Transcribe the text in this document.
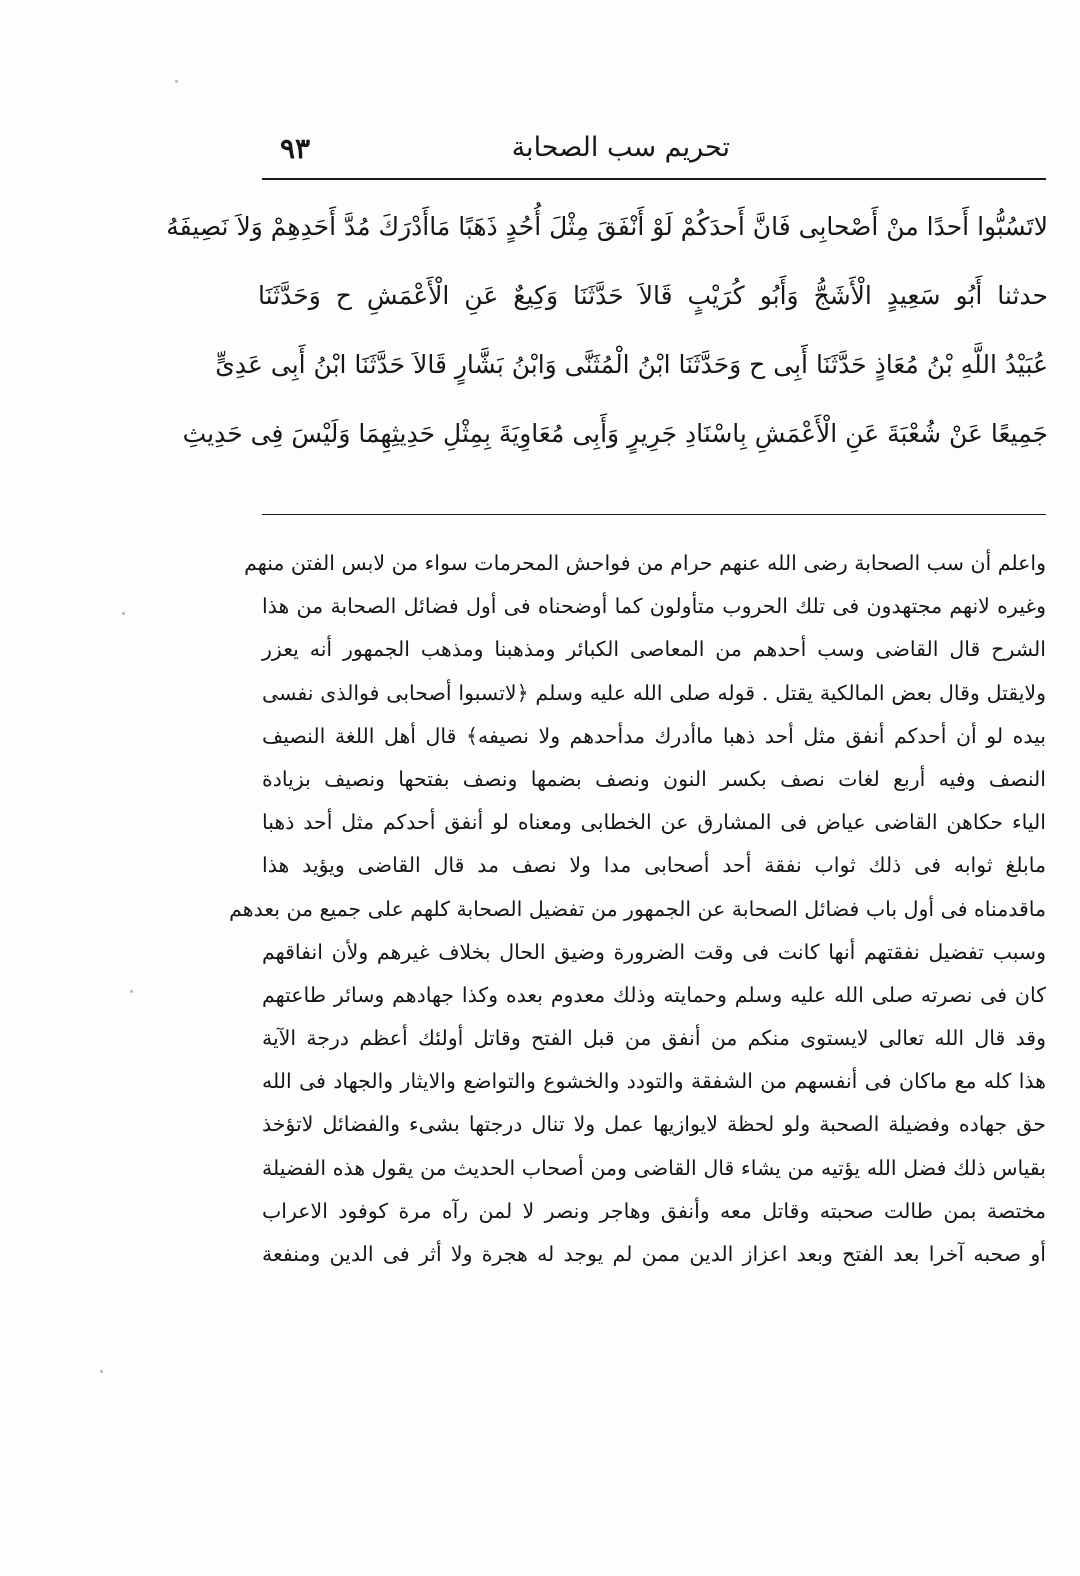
تحريم سب الصحابة
٩٣
لاتَسُبُّوا أَحدًا منْ أَصْحابِى فَانَّ أَحدَكُمْ لَوْ أَنْفَقَ مِثْلَ أُحُدٍ ذَهَبًا مَاأَدْرَكَ مُدَّ أَحَدِهِمْ وَلاَ نَصِيفَهُ
حدثنا أَبُو سَعِيدٍ الْأَشَجُّ وَأَبُو كُرَيْبٍ قَالاَ حَدَّثَنَا وَكِيعٌ عَنِ الْأَعْمَشِ ح وَحَدَّثَنَا
عُبَيْدُ اللَّهِ بْنُ مُعَاذٍ حَدَّثَنَا أَبِى ح وَحَدَّثَنَا ابْنُ الْمُثَنَّى وَابْنُ بَشَّارٍ قَالاَ حَدَّثَنَا ابْنُ أَبِى عَدِىٍّ
جَمِيعًا عَنْ شُعْبَةَ عَنِ الْأَعْمَشِ بِاسْنَادِ جَرِيرٍ وَأَبِى مُعَاوِيَةَ بِمِثْلِ حَدِيثِهِمَا وَلَيْسَ فِى حَدِيثِ
واعلم أن سب الصحابة رضى الله عنهم حرام من فواحش المحرمات سواء من لابس الفتن منهم
وغيره لانهم مجتهدون فى تلك الحروب متأولون كما أوضحناه فى أول فضائل الصحابة من هذا
الشرح قال القاضى وسب أحدهم من المعاصى الكبائر ومذهبنا ومذهب الجمهور أنه يعزر
ولايقتل وقال بعض المالكية يقتل . قوله صلى الله عليه وسلم ﴿لاتسبوا أصحابى فوالذى نفسى
بيده لو أن أحدكم أنفق مثل أحد ذهبا ماأدرك مدأحدهم ولا نصيفه﴾ قال أهل اللغة النصيف
النصف وفيه أربع لغات نصف بكسر النون ونصف بضمها ونصف بفتحها ونصيف بزيادة
الياء حكاهن القاضى عياض فى المشارق عن الخطابى ومعناه لو أنفق أحدكم مثل أحد ذهبا
مابلغ ثوابه فى ذلك ثواب نفقة أحد أصحابى مدا ولا نصف مد قال القاضى ويؤيد هذا
ماقدمناه فى أول باب فضائل الصحابة عن الجمهور من تفضيل الصحابة كلهم على جميع من بعدهم
وسبب تفضيل نفقتهم أنها كانت فى وقت الضرورة وضيق الحال بخلاف غيرهم ولأن انفاقهم
كان فى نصرته صلى الله عليه وسلم وحمايته وذلك معدوم بعده وكذا جهادهم وسائر طاعتهم
وقد قال الله تعالى لايستوى منكم من أنفق من قبل الفتح وقاتل أولئك أعظم درجة الآية
هذا كله مع ماكان فى أنفسهم من الشفقة والتودد والخشوع والتواضع والايثار والجهاد فى الله
حق جهاده وفضيلة الصحبة ولو لحظة لايوازيها عمل ولا تنال درجتها بشىء والفضائل لاتؤخذ
بقياس ذلك فضل الله يؤتيه من يشاء قال القاضى ومن أصحاب الحديث من يقول هذه الفضيلة
مختصة بمن طالت صحبته وقاتل معه وأنفق وهاجر ونصر لا لمن رآه مرة كوفود الاعراب
أو صحبه آخرا بعد الفتح وبعد اعزاز الدين ممن لم يوجد له هجرة ولا أثر فى الدين ومنفعة
